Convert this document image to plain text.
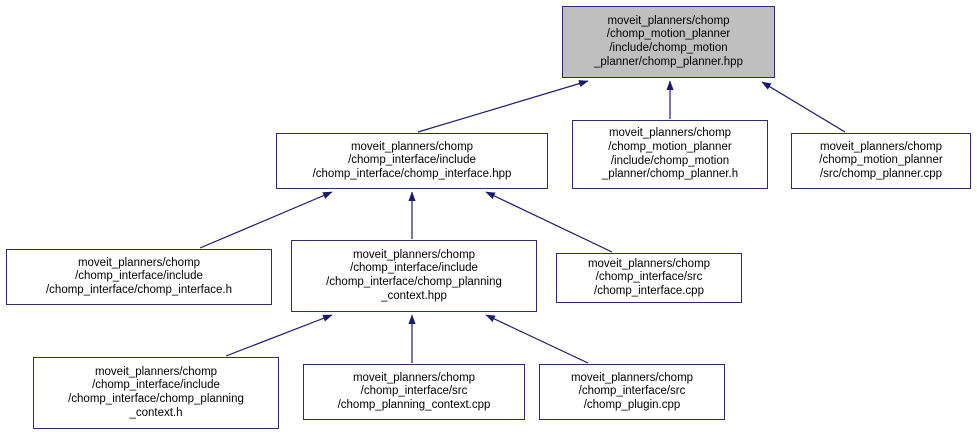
moveit_planners/chomp
/chomp_motion_planner
/include/chomp_motion
_planner/chomp_planner.hpp
moveit_planners/chomp
/chomp_interface/include
/chomp_interface/chomp_interface.hpp
moveit_planners/chomp
/chomp_motion_planner
/include/chomp_motion
_planner/chomp_planner.h
moveit_planners/chomp
/chomp_motion_planner
/src/chomp_planner.cpp
moveit_planners/chomp
/chomp_interface/include
/chomp_interface/chomp_interface.h
moveit_planners/chomp
/chomp_interface/include
/chomp_interface/chomp_planning
_context.hpp
moveit_planners/chomp
/chomp_interface/src
/chomp_interface.cpp
moveit_planners/chomp
/chomp_interface/include
/chomp_interface/chomp_planning
_context.h
moveit_planners/chomp
/chomp_interface/src
/chomp_planning_context.cpp
moveit_planners/chomp
/chomp_interface/src
/chomp_plugin.cpp
